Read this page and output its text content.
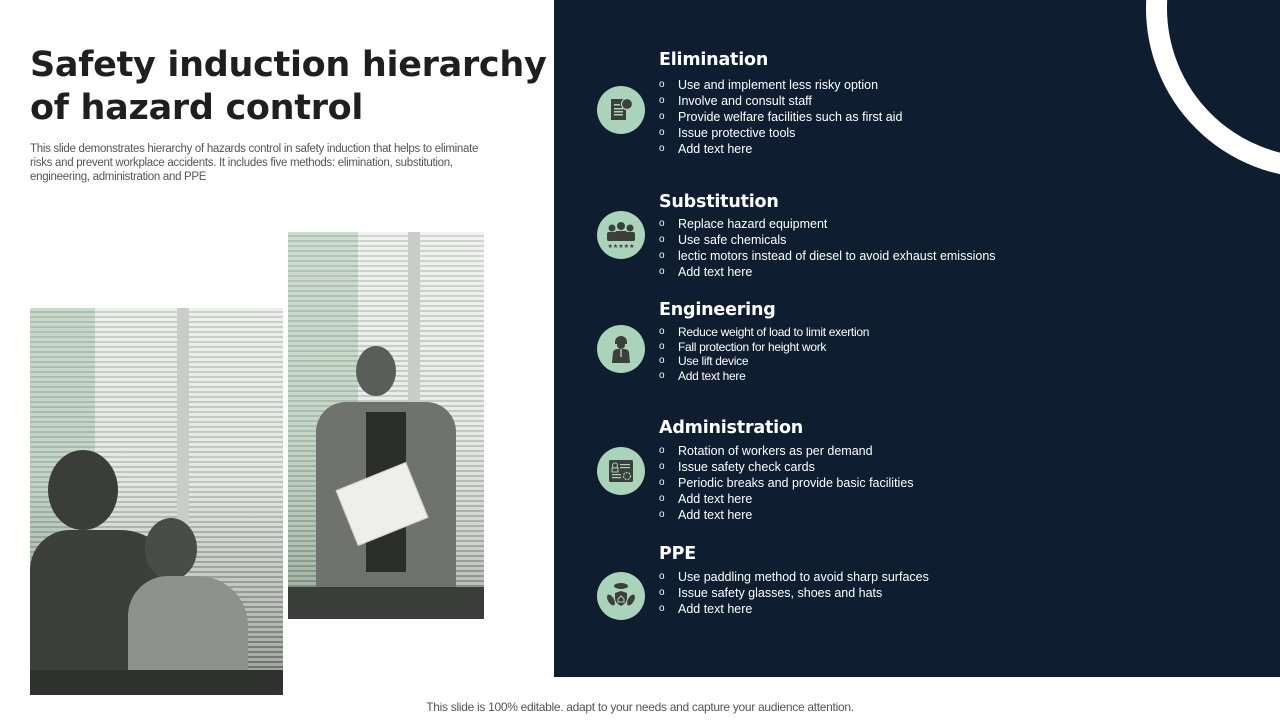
Safety induction hierarchy of hazard control

This slide demonstrates hierarchy of hazards control in safety induction that helps to eliminate risks and prevent workplace accidents. It includes five methods: elimination, substitution, engineering, administration and PPE

Elimination
o Use and implement less risky option
o Involve and consult staff
o Provide welfare facilities such as first aid
o Issue protective tools
o Add text here
★★★★★
Substitution
o Replace hazard equipment
o Use safe chemicals
o lectic motors instead of diesel to avoid exhaust emissions
o Add text here
Engineering
o Reduce weight of load to limit exertion
o Fall protection for height work
o Use lift device
o Add text here
Administration
o Rotation of workers as per demand
o Issue safety check cards
o Periodic breaks and provide basic facilities
o Add text here
o Add text here
PPE
o Use paddling method to avoid sharp surfaces
o Issue safety glasses, shoes and hats
o Add text here
This slide is 100% editable. adapt to your needs and capture your audience attention.
